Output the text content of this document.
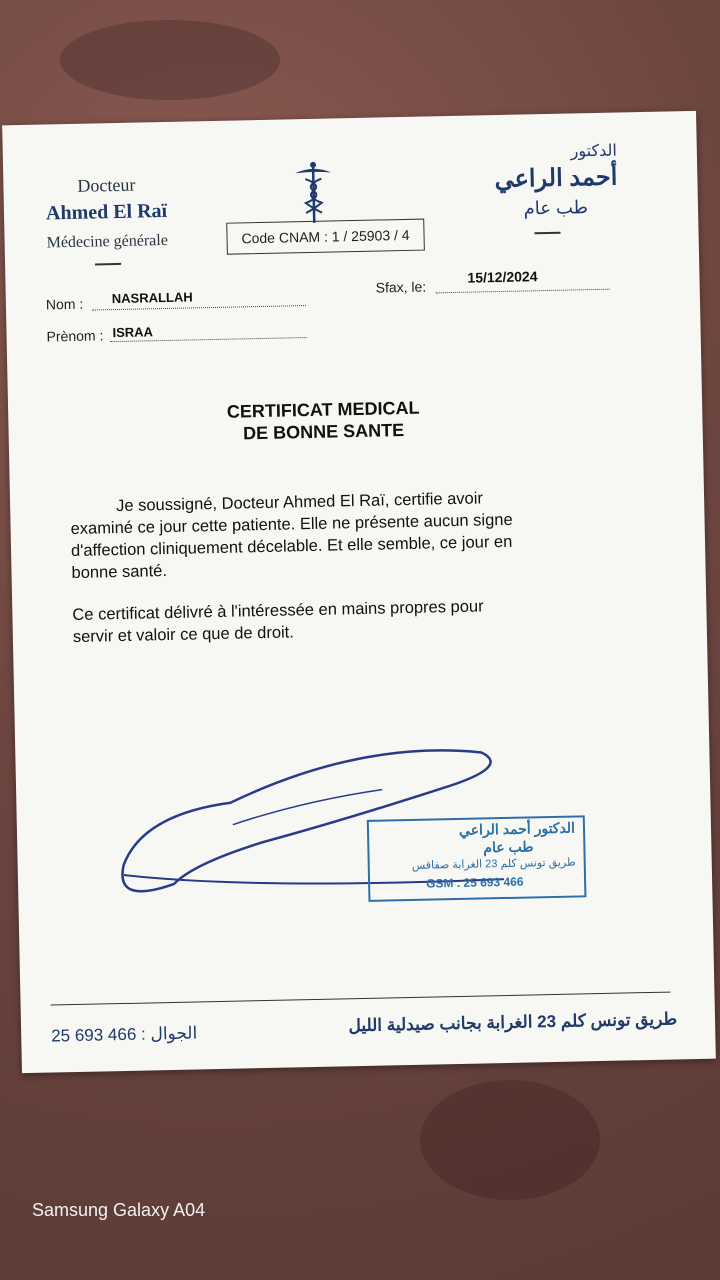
Docteur
Ahmed El Raï
Médecine générale	Code CNAM : 1 / 25903 / 4
الدكتور
أحمد الراعي
طب عام
Nom : NASRALLAH
Prènom : ISRAA
Sfax, le:
15/12/2024
CERTIFICAT MEDICAL
DE BONNE SANTE
Je soussigné, Docteur Ahmed El Raï, certifie avoir
examiné ce jour cette patiente. Elle ne présente aucun signe
d'affection cliniquement décelable. Et elle semble, ce jour en
bonne santé.
Ce certificat délivré à l'intéressée en mains propres pour
servir et valoir ce que de droit.
الدكتور أحمد الراعي
طب عام
طريق تونس كلم 23 الغرابة صفاقس
GSM . 25 693 466
25 693 466 : الجوال	طريق تونس كلم 23 الغرابة بجانب صيدلية الليل
Samsung Galaxy A04
